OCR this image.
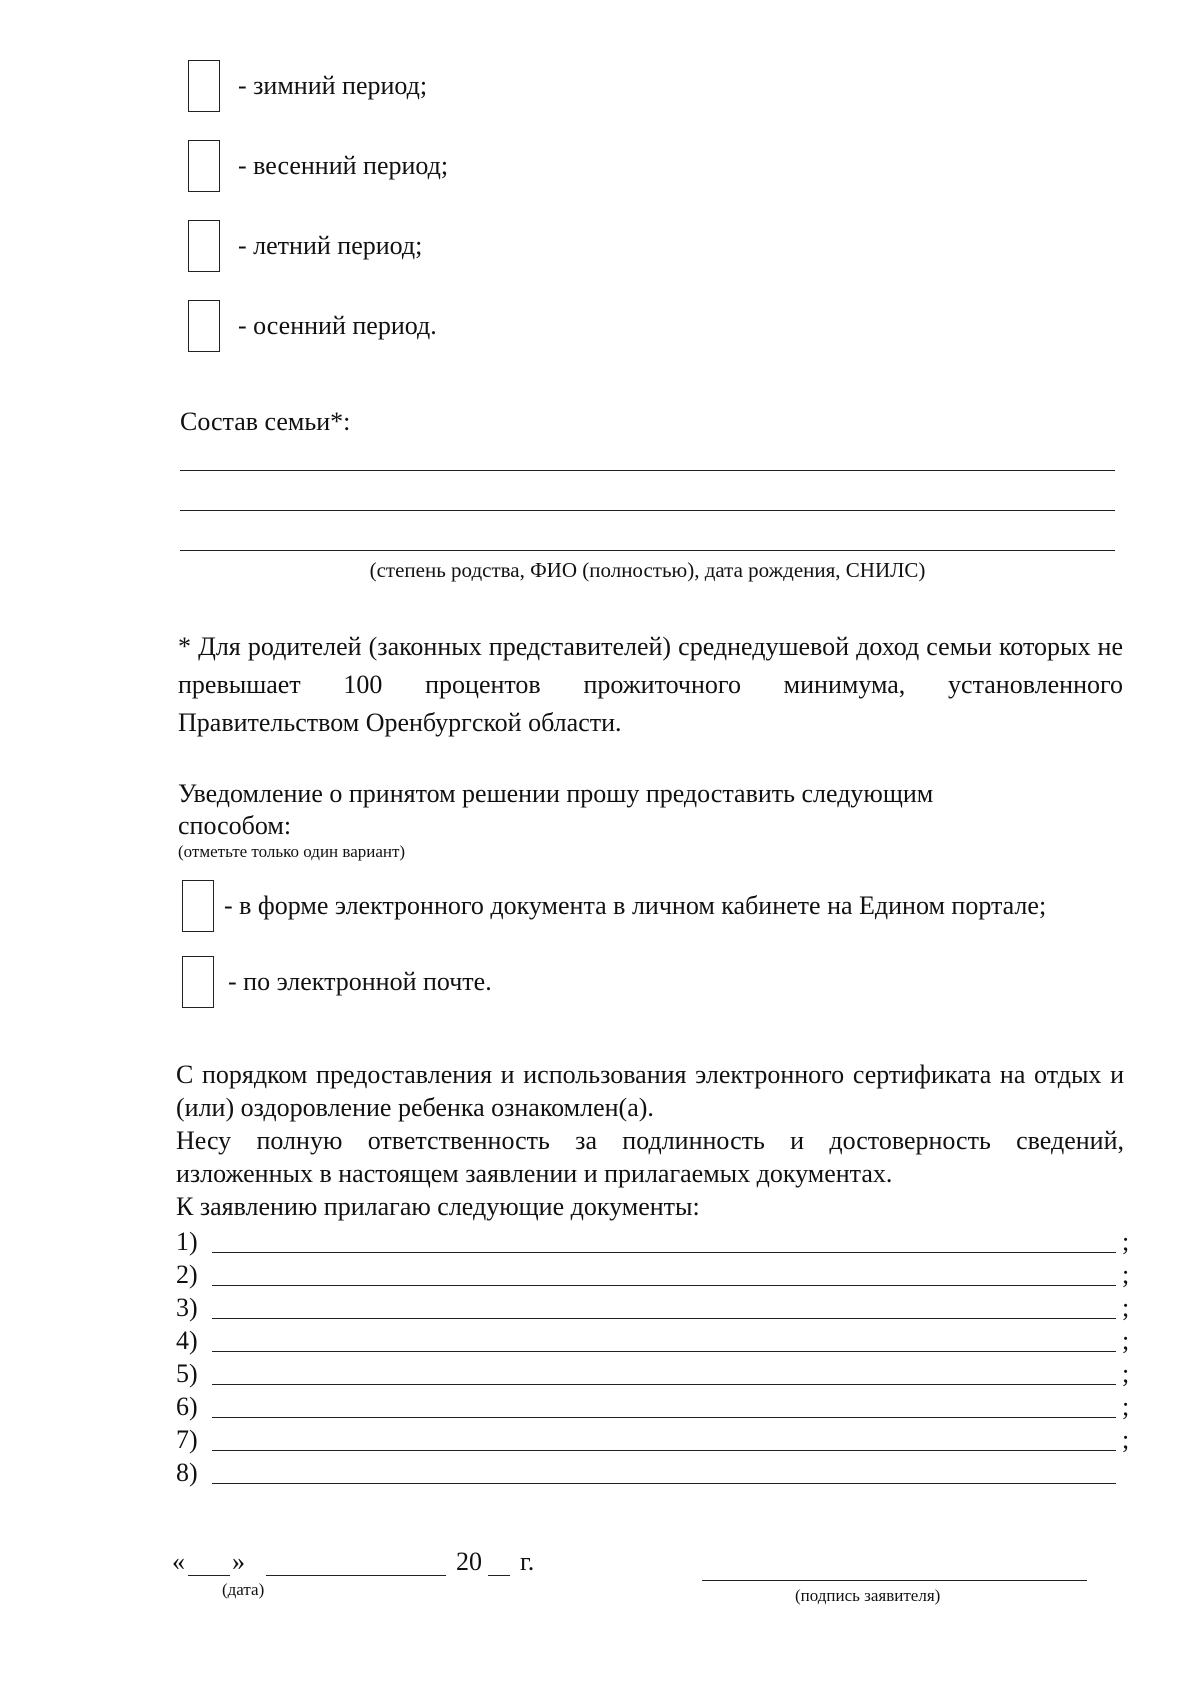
- зимний период;
- весенний период;
- летний период;
- осенний период.
Состав семьи*:
(степень родства, ФИО (полностью), дата рождения, СНИЛС)
* Для родителей (законных представителей) среднедушевой доход семьи которых не превышает 100 процентов прожиточного минимума, установленного Правительством Оренбургской области.
Уведомление о принятом решении прошу предоставить следующим способом:
(отметьте только один вариант)
- в форме электронного документа в личном кабинете на Едином портале;
- по электронной почте.
С порядком предоставления и использования электронного сертификата на отдых и (или) оздоровление ребенка ознакомлен(а).
Несу полную ответственность за подлинность и достоверность сведений, изложенных в настоящем заявлении и прилагаемых документах.
К заявлению прилагаю следующие документы:
1)	;
2)	;
3)	;
4)	;
5)	;
6)	;
7)	;
8)
« »	20 г.
(дата)	(подпись заявителя)
